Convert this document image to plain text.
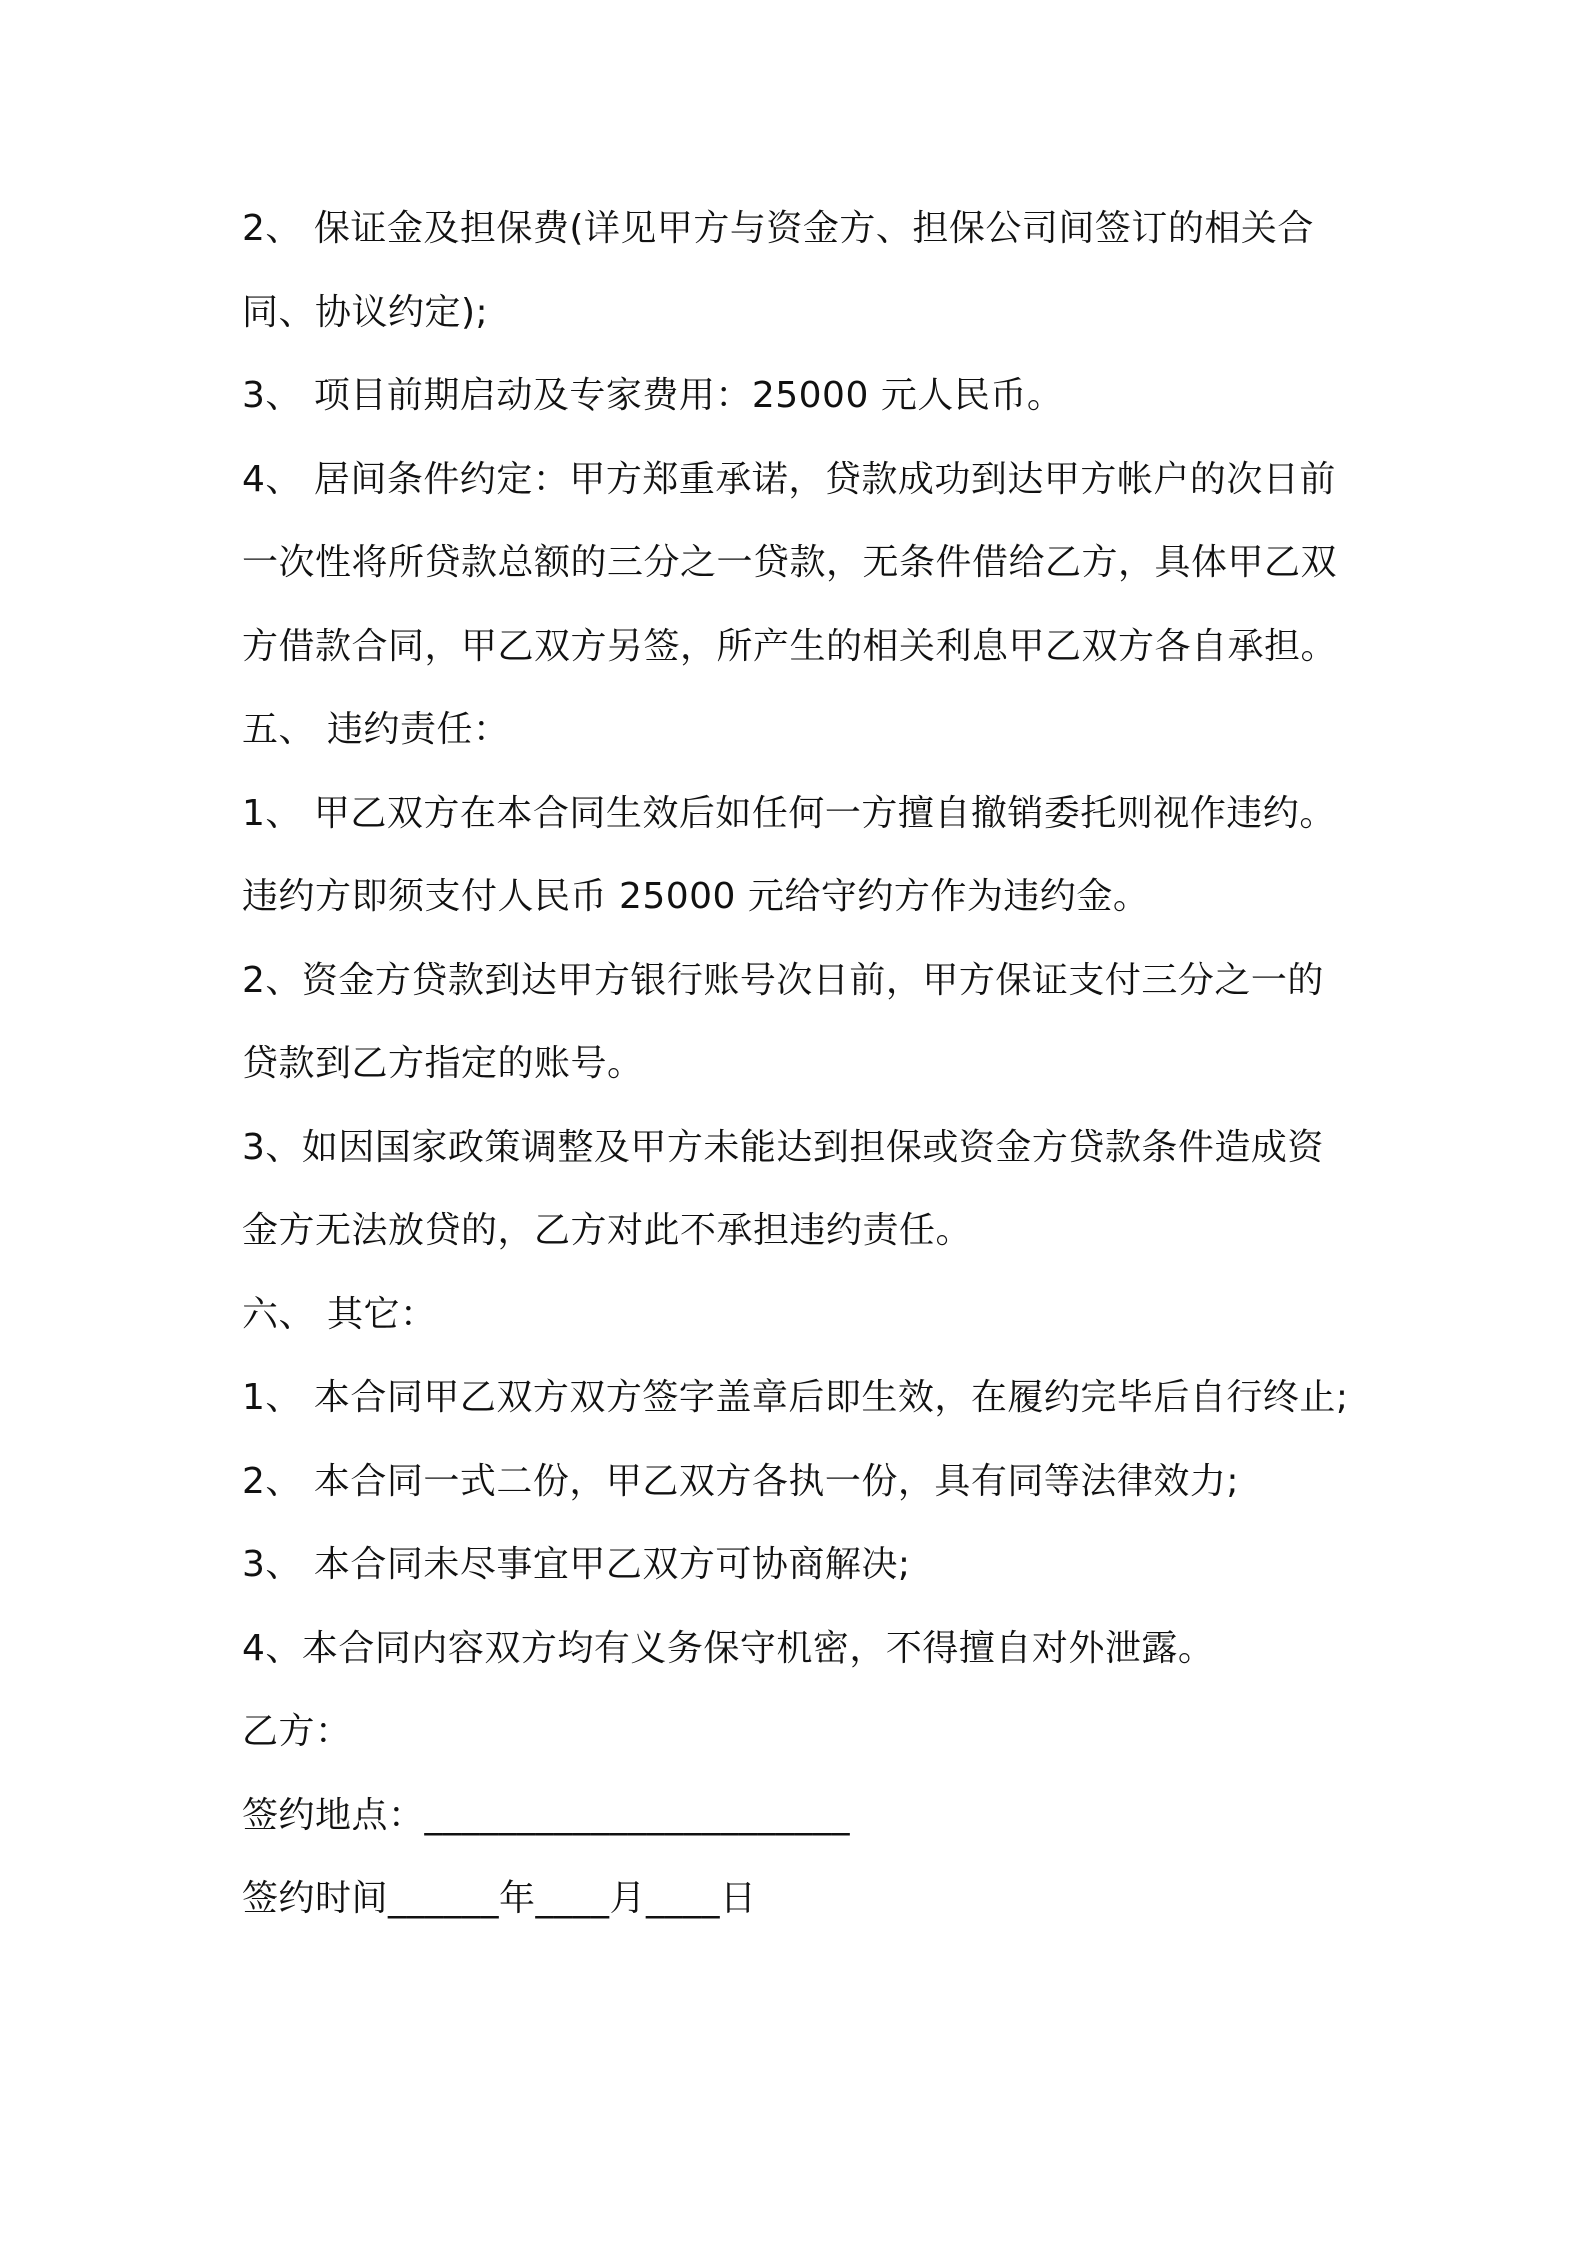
2、 保证金及担保费(详见甲方与资金方、担保公司间签订的相关合
同、协议约定);
3、 项目前期启动及专家费用：25000 元人民币。
4、 居间条件约定：甲方郑重承诺，贷款成功到达甲方帐户的次日前
一次性将所贷款总额的三分之一贷款，无条件借给乙方，具体甲乙双
方借款合同，甲乙双方另签，所产生的相关利息甲乙双方各自承担。
五、 违约责任：
1、 甲乙双方在本合同生效后如任何一方擅自撤销委托则视作违约。
违约方即须支付人民币 25000 元给守约方作为违约金。
2、资金方贷款到达甲方银行账号次日前，甲方保证支付三分之一的
贷款到乙方指定的账号。
3、如因国家政策调整及甲方未能达到担保或资金方贷款条件造成资
金方无法放贷的，乙方对此不承担违约责任。
六、 其它：
1、 本合同甲乙双方双方签字盖章后即生效，在履约完毕后自行终止;
2、 本合同一式二份，甲乙双方各执一份，具有同等法律效力;
3、 本合同未尽事宜甲乙双方可协商解决;
4、本合同内容双方均有义务保守机密，不得擅自对外泄露。
乙方：
签约地点：_______________________
签约时间______年____月____日
